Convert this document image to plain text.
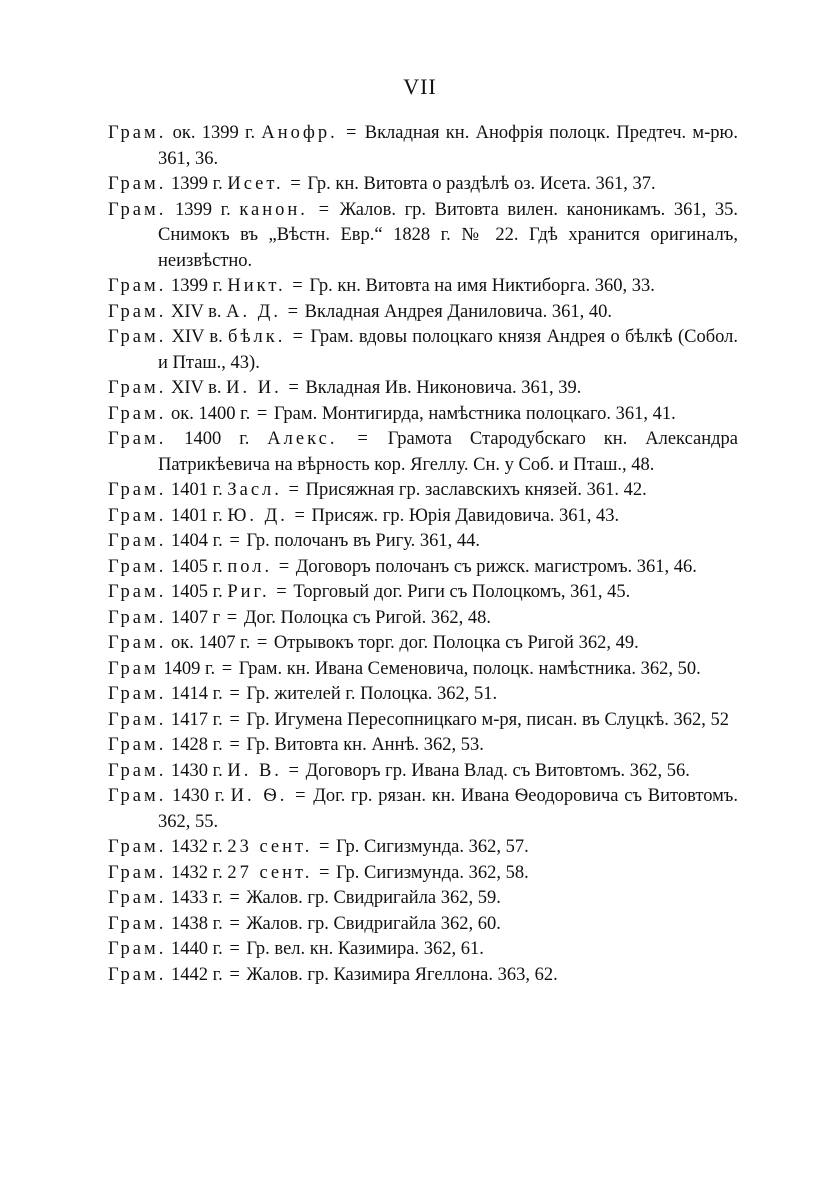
VII
Грам. ок. 1399 г. Анофр. = Вкладная кн. Анофрія полоцк. Предтеч. м-рю. 361, 36.
Грам. 1399 г. Исет. = Гр. кн. Витовта о раздѣлѣ оз. Исета. 361, 37.
Грам. 1399 г. канон. = Жалов. гр. Витовта вилен. каноникамъ. 361, 35. Снимокъ въ „Вѣстн. Евр.“ 1828 г. № 22. Гдѣ хранится оригиналъ, неизвѣстно.
Грам. 1399 г. Никт. = Гр. кн. Витовта на имя Никтиборга. 360, 33.
Грам. XIV в. А. Д. = Вкладная Андрея Даниловича. 361, 40.
Грам. XIV в. бѣлк. = Грам. вдовы полоцкаго князя Андрея о бѣлкѣ (Собол. и Пташ., 43).
Грам. XIV в. И. И. = Вкладная Ив. Никоновича. 361, 39.
Грам. ок. 1400 г. = Грам. Монтигирда, намѣстника полоцкаго. 361, 41.
Грам. 1400 г. Алекс. = Грамота Стародубскаго кн. Александра Патрикѣевича на вѣрность кор. Ягеллу. Сн. у Соб. и Пташ., 48.
Грам. 1401 г. Засл. = Присяжная гр. заславскихъ князей. 361. 42.
Грам. 1401 г. Ю. Д. = Присяж. гр. Юрія Давидовича. 361, 43.
Грам. 1404 г. = Гр. полочанъ въ Ригу. 361, 44.
Грам. 1405 г. пол. = Договоръ полочанъ съ рижск. магистромъ. 361, 46.
Грам. 1405 г. Риг. = Торговый дог. Риги съ Полоцкомъ, 361, 45.
Грам. 1407 г = Дог. Полоцка съ Ригой. 362, 48.
Грам. ок. 1407 г. = Отрывокъ торг. дог. Полоцка съ Ригой 362, 49.
Грам 1409 г. = Грам. кн. Ивана Семеновича, полоцк. намѣстника. 362, 50.
Грам. 1414 г. = Гр. жителей г. Полоцка. 362, 51.
Грам. 1417 г. = Гр. Игумена Пересопницкаго м-ря, писан. въ Слуцкѣ. 362, 52
Грам. 1428 г. = Гр. Витовта кн. Аннѣ. 362, 53.
Грам. 1430 г. И. В. = Договоръ гр. Ивана Влад. съ Витовтомъ. 362, 56.
Грам. 1430 г. И. Ѳ. = Дог. гр. рязан. кн. Ивана Ѳеодоровича съ Витовтомъ. 362, 55.
Грам. 1432 г. 23 сент. = Гр. Сигизмунда. 362, 57.
Грам. 1432 г. 27 сент. = Гр. Сигизмунда. 362, 58.
Грам. 1433 г. = Жалов. гр. Свидригайла 362, 59.
Грам. 1438 г. = Жалов. гр. Свидригайла 362, 60.
Грам. 1440 г. = Гр. вел. кн. Казимира. 362, 61.
Грам. 1442 г. = Жалов. гр. Казимира Ягеллона. 363, 62.
